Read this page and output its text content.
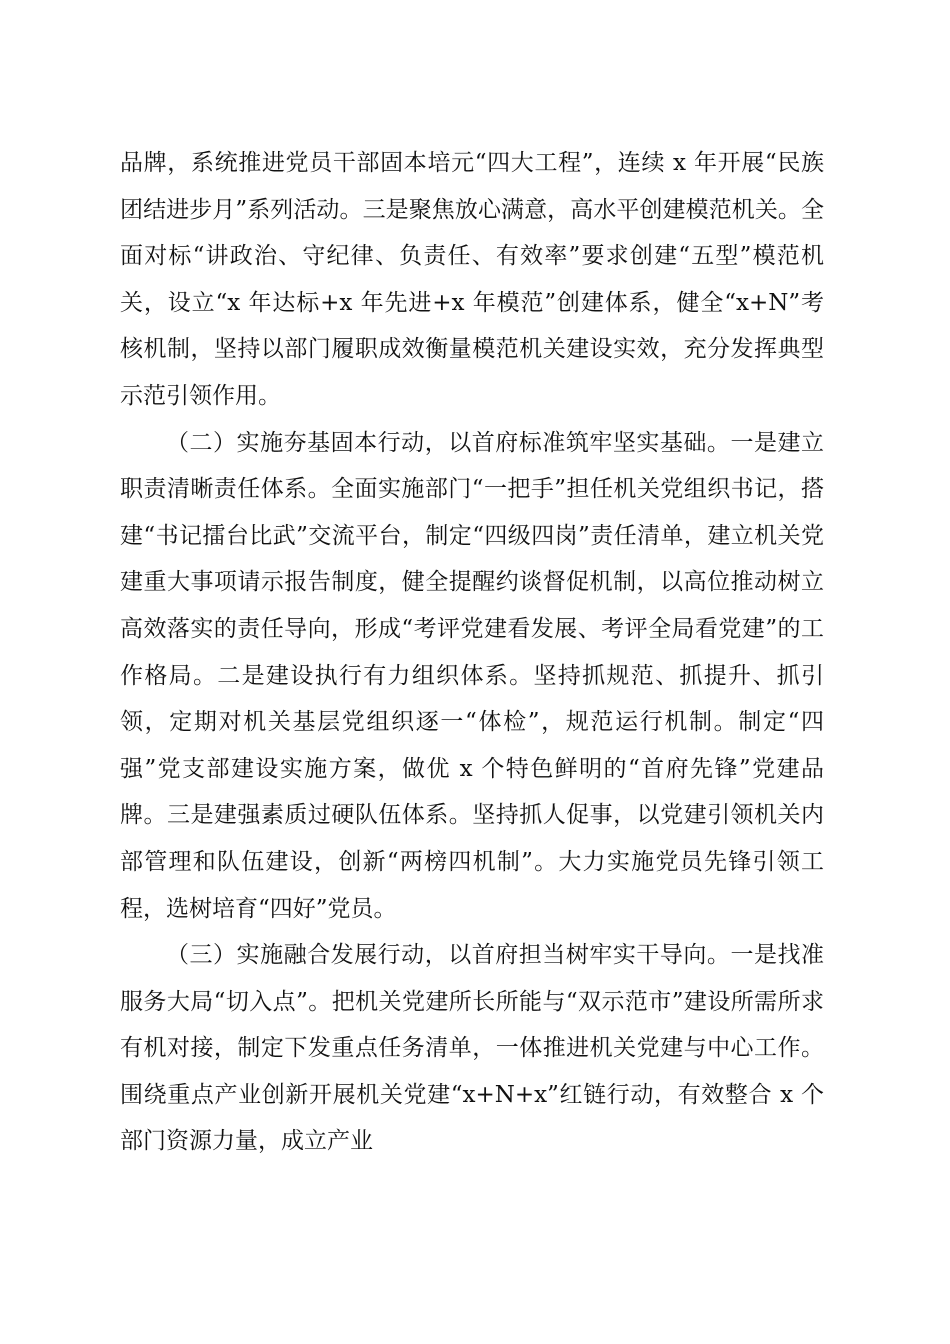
品牌，系统推进党员干部固本培元“四大工程”，连续 x 年开展“民族团结进步月”系列活动。三是聚焦放心满意，高水平创建模范机关。全面对标“讲政治、守纪律、负责任、有效率”要求创建“五型”模范机关，设立“x 年达标+x 年先进+x 年模范”创建体系，健全“x+N”考核机制，坚持以部门履职成效衡量模范机关建设实效，充分发挥典型示范引领作用。

（二）实施夯基固本行动，以首府标准筑牢坚实基础。一是建立职责清晰责任体系。全面实施部门“一把手”担任机关党组织书记，搭建“书记擂台比武”交流平台，制定“四级四岗”责任清单，建立机关党建重大事项请示报告制度，健全提醒约谈督促机制，以高位推动树立高效落实的责任导向，形成“考评党建看发展、考评全局看党建”的工作格局。二是建设执行有力组织体系。坚持抓规范、抓提升、抓引领，定期对机关基层党组织逐一“体检”，规范运行机制。制定“四强”党支部建设实施方案，做优 x 个特色鲜明的“首府先锋”党建品牌。三是建强素质过硬队伍体系。坚持抓人促事，以党建引领机关内部管理和队伍建设，创新“两榜四机制”。大力实施党员先锋引领工程，选树培育“四好”党员。

（三）实施融合发展行动，以首府担当树牢实干导向。一是找准服务大局“切入点”。把机关党建所长所能与“双示范市”建设所需所求有机对接，制定下发重点任务清单，一体推进机关党建与中心工作。围绕重点产业创新开展机关党建“x+N+x”红链行动，有效整合 x 个部门资源力量，成立产业
